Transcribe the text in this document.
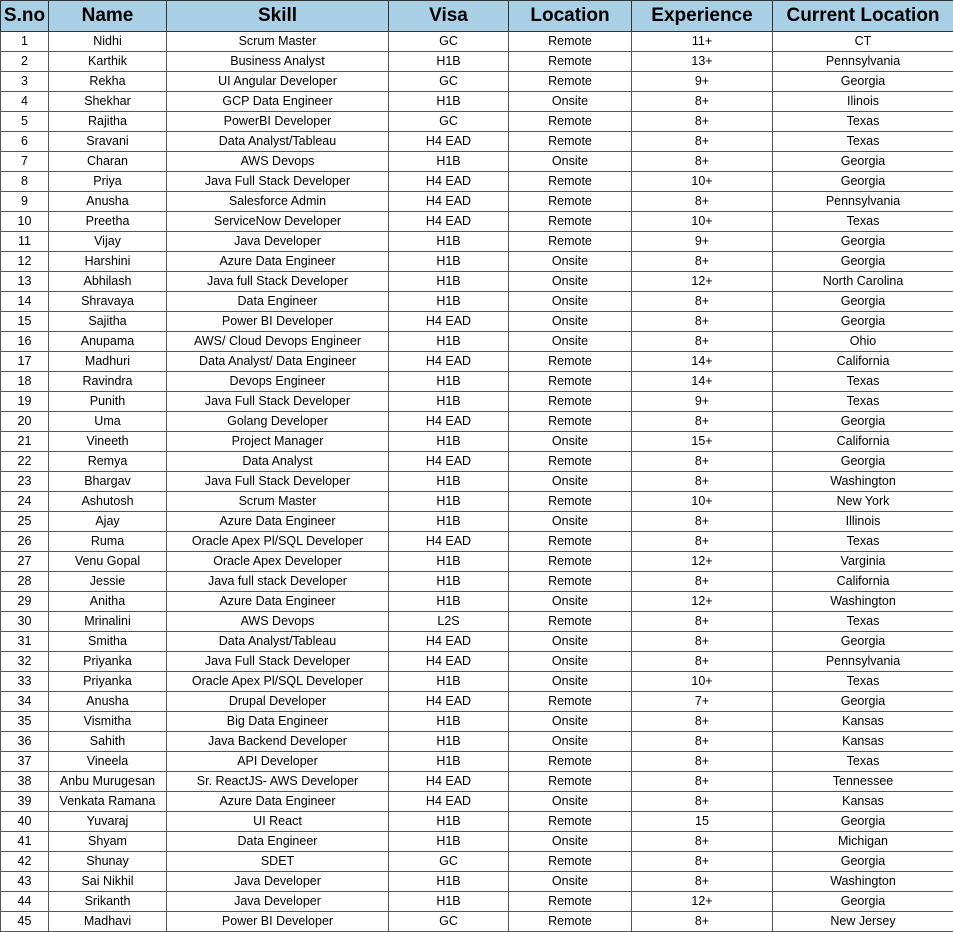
S.no	Name	Skill	Visa	Location	Experience	Current Location
1	Nidhi	Scrum Master	GC	Remote	11+	CT
2	Karthik	Business Analyst	H1B	Remote	13+	Pennsylvania
3	Rekha	UI Angular Developer	GC	Remote	9+	Georgia
4	Shekhar	GCP Data Engineer	H1B	Onsite	8+	Ilinois
5	Rajitha	PowerBI Developer	GC	Remote	8+	Texas
6	Sravani	Data Analyst/Tableau	H4 EAD	Remote	8+	Texas
7	Charan	AWS Devops	H1B	Onsite	8+	Georgia
8	Priya	Java Full Stack Developer	H4 EAD	Remote	10+	Georgia
9	Anusha	Salesforce Admin	H4 EAD	Remote	8+	Pennsylvania
10	Preetha	ServiceNow Developer	H4 EAD	Remote	10+	Texas
11	Vijay	Java Developer	H1B	Remote	9+	Georgia
12	Harshini	Azure Data Engineer	H1B	Onsite	8+	Georgia
13	Abhilash	Java full Stack Developer	H1B	Onsite	12+	North Carolina
14	Shravaya	Data Engineer	H1B	Onsite	8+	Georgia
15	Sajitha	Power BI Developer	H4 EAD	Onsite	8+	Georgia
16	Anupama	AWS/ Cloud Devops Engineer	H1B	Onsite	8+	Ohio
17	Madhuri	Data Analyst/ Data Engineer	H4 EAD	Remote	14+	California
18	Ravindra	Devops Engineer	H1B	Remote	14+	Texas
19	Punith	Java Full Stack Developer	H1B	Remote	9+	Texas
20	Uma	Golang Developer	H4 EAD	Remote	8+	Georgia
21	Vineeth	Project Manager	H1B	Onsite	15+	California
22	Remya	Data Analyst	H4 EAD	Remote	8+	Georgia
23	Bhargav	Java Full Stack Developer	H1B	Onsite	8+	Washington
24	Ashutosh	Scrum Master	H1B	Remote	10+	New York
25	Ajay	Azure Data Engineer	H1B	Onsite	8+	Illinois
26	Ruma	Oracle Apex Pl/SQL Developer	H4 EAD	Remote	8+	Texas
27	Venu Gopal	Oracle Apex Developer	H1B	Remote	12+	Varginia
28	Jessie	Java full stack Developer	H1B	Remote	8+	California
29	Anitha	Azure Data Engineer	H1B	Onsite	12+	Washington
30	Mrinalini	AWS Devops	L2S	Remote	8+	Texas
31	Smitha	Data Analyst/Tableau	H4 EAD	Onsite	8+	Georgia
32	Priyanka	Java Full Stack Developer	H4 EAD	Onsite	8+	Pennsylvania
33	Priyanka	Oracle Apex Pl/SQL Developer	H1B	Onsite	10+	Texas
34	Anusha	Drupal Developer	H4 EAD	Remote	7+	Georgia
35	Vismitha	Big Data Engineer	H1B	Onsite	8+	Kansas
36	Sahith	Java Backend Developer	H1B	Onsite	8+	Kansas
37	Vineela	API Developer	H1B	Remote	8+	Texas
38	Anbu Murugesan	Sr. ReactJS- AWS Developer	H4 EAD	Remote	8+	Tennessee
39	Venkata Ramana	Azure Data Engineer	H4 EAD	Onsite	8+	Kansas
40	Yuvaraj	UI React	H1B	Remote	15	Georgia
41	Shyam	Data Engineer	H1B	Onsite	8+	Michigan
42	Shunay	SDET	GC	Remote	8+	Georgia
43	Sai Nikhil	Java Developer	H1B	Onsite	8+	Washington
44	Srikanth	Java Developer	H1B	Remote	12+	Georgia
45	Madhavi	Power BI Developer	GC	Remote	8+	New Jersey
